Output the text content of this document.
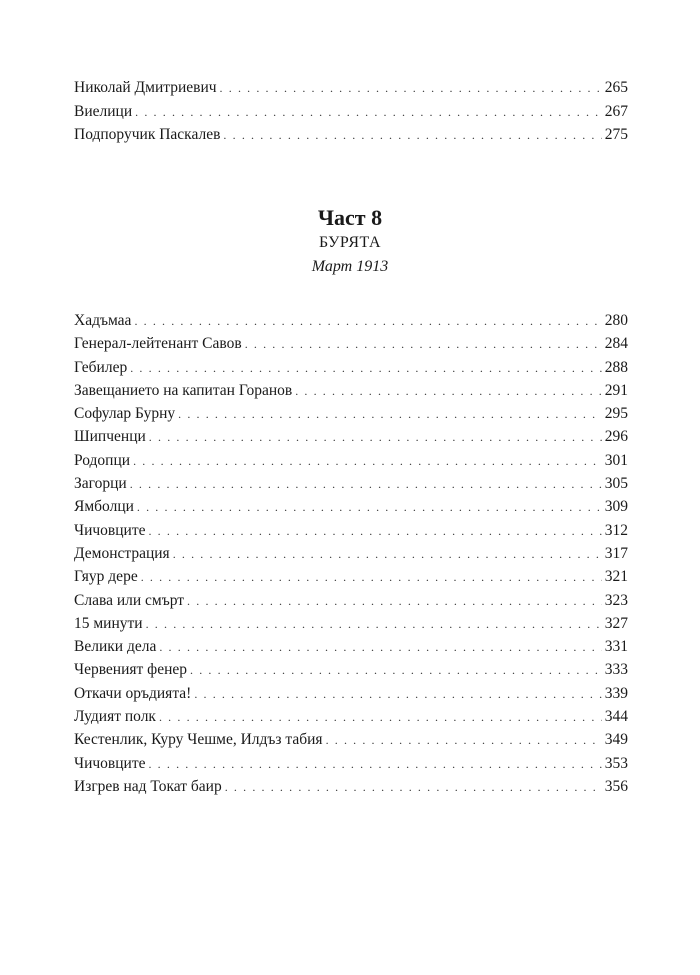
Николай Дмитриевич . . .	265
Виелици . . .	267
Подпоручик Паскалев . . .	275
Част 8
БУРЯТА
Март 1913
Хадъмаа . . .	280
Генерал-лейтенант Савов . . .	284
Гебилер . . .	288
Завещанието на капитан Горанов . . .	291
Софулар Бурну . . .	295
Шипченци . . .	296
Родопци . . .	301
Загорци . . .	305
Ямболци . . .	309
Чичовците . . .	312
Демонстрация . . .	317
Гяур дере . . .	321
Слава или смърт . . .	323
15 минути . . .	327
Велики дела . . .	331
Червеният фенер . . .	333
Откачи оръдията! . . .	339
Лудият полк . . .	344
Кестенлик, Куру Чешме, Илдъз табия . . .	349
Чичовците . . .	353
Изгрев над Токат баир . . .	356
